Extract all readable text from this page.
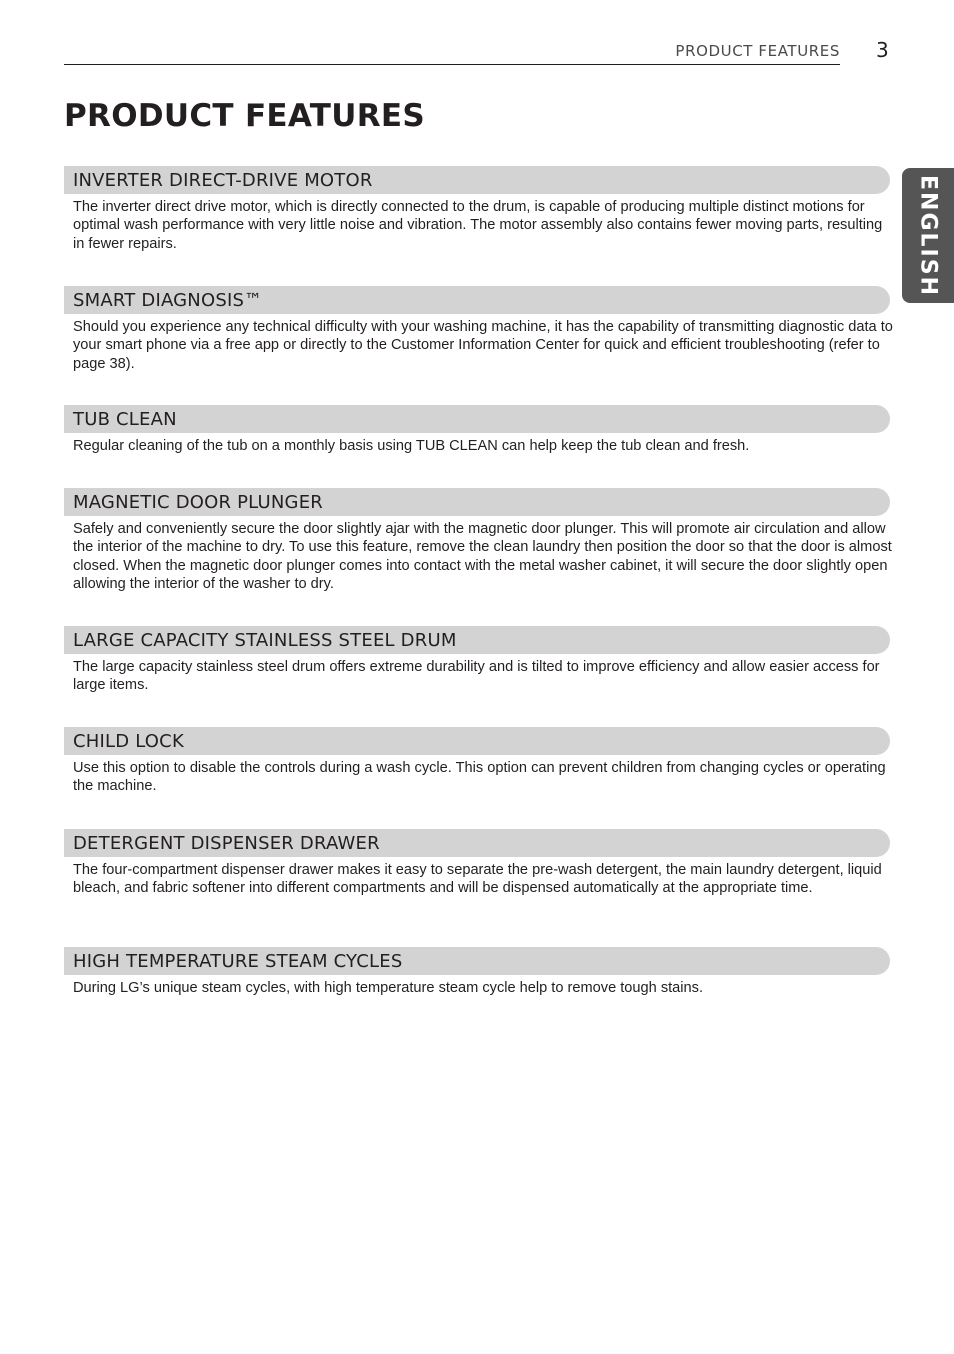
PRODUCT FEATURES 3
PRODUCT FEATURES
ENGLISH
INVERTER DIRECT-DRIVE MOTOR

The inverter direct drive motor, which is directly connected to the drum, is capable of producing multiple distinct motions for optimal wash performance with very little noise and vibration. The motor assembly also contains fewer moving parts, resulting in fewer repairs.

SMART DIAGNOSIS™

Should you experience any technical difficulty with your washing machine, it has the capability of transmitting diagnostic data to your smart phone via a free app or directly to the Customer Information Center for quick and efficient troubleshooting (refer to page 38).

TUB CLEAN

Regular cleaning of the tub on a monthly basis using TUB CLEAN can help keep the tub clean and fresh.

MAGNETIC DOOR PLUNGER

Safely and conveniently secure the door slightly ajar with the magnetic door plunger. This will promote air circulation and allow the interior of the machine to dry. To use this feature, remove the clean laundry then position the door so that the door is almost closed. When the magnetic door plunger comes into contact with the metal washer cabinet, it will secure the door slightly open allowing the interior of the washer to dry.

LARGE CAPACITY STAINLESS STEEL DRUM

The large capacity stainless steel drum offers extreme durability and is tilted to improve efficiency and allow easier access for large items.

CHILD LOCK

Use this option to disable the controls during a wash cycle. This option can prevent children from changing cycles or operating the machine.

DETERGENT DISPENSER DRAWER

The four-compartment dispenser drawer makes it easy to separate the pre-wash detergent, the main laundry detergent, liquid bleach, and fabric softener into different compartments and will be dispensed automatically at the appropriate time.

HIGH TEMPERATURE STEAM CYCLES

During LG’s unique steam cycles, with high temperature steam cycle help to remove tough stains.
